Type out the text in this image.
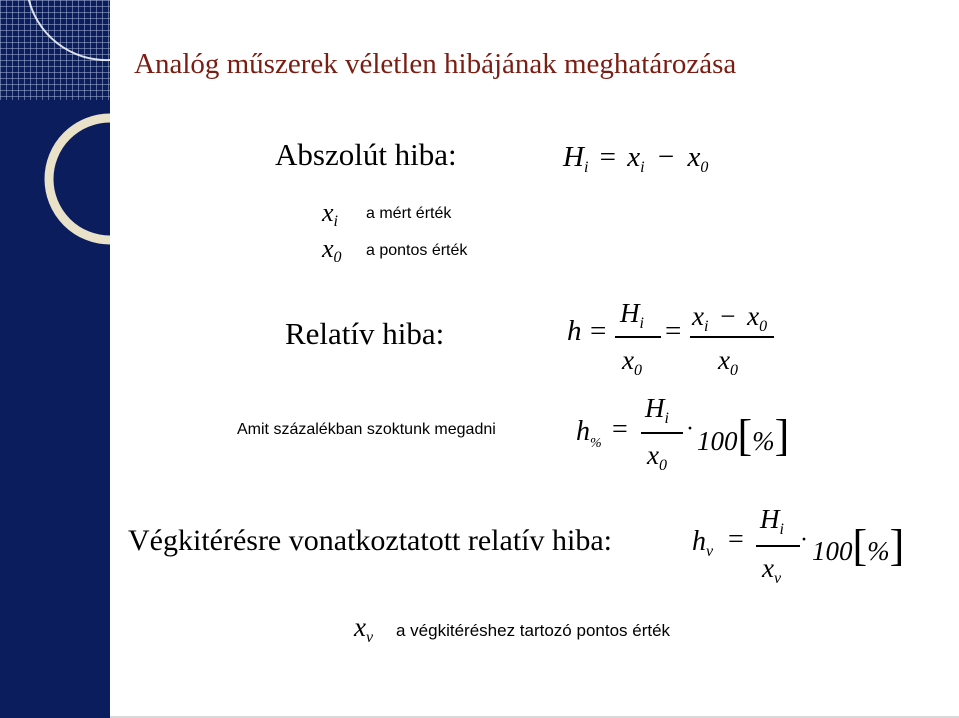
Analóg műszerek véletlen hibájának meghatározása
Abszolút hiba:	$H_i = x_i - x_0$
xi a mért érték
x0 a pontos érték
Relatív hiba:	h =
$H_i$
$x_0$
= $x_i - x_0$
$x_0$
Amit százalékban szoktunk megadni	$h_{\%}$ =
$H_i$
$x_0$
· 100[%]
Végkitérésre vonatkoztatott relatív hiba:	$h_v$ =
$H_i$
$x_v$
· 100[%]
$x_v$ a végkitéréshez tartozó pontos érték
